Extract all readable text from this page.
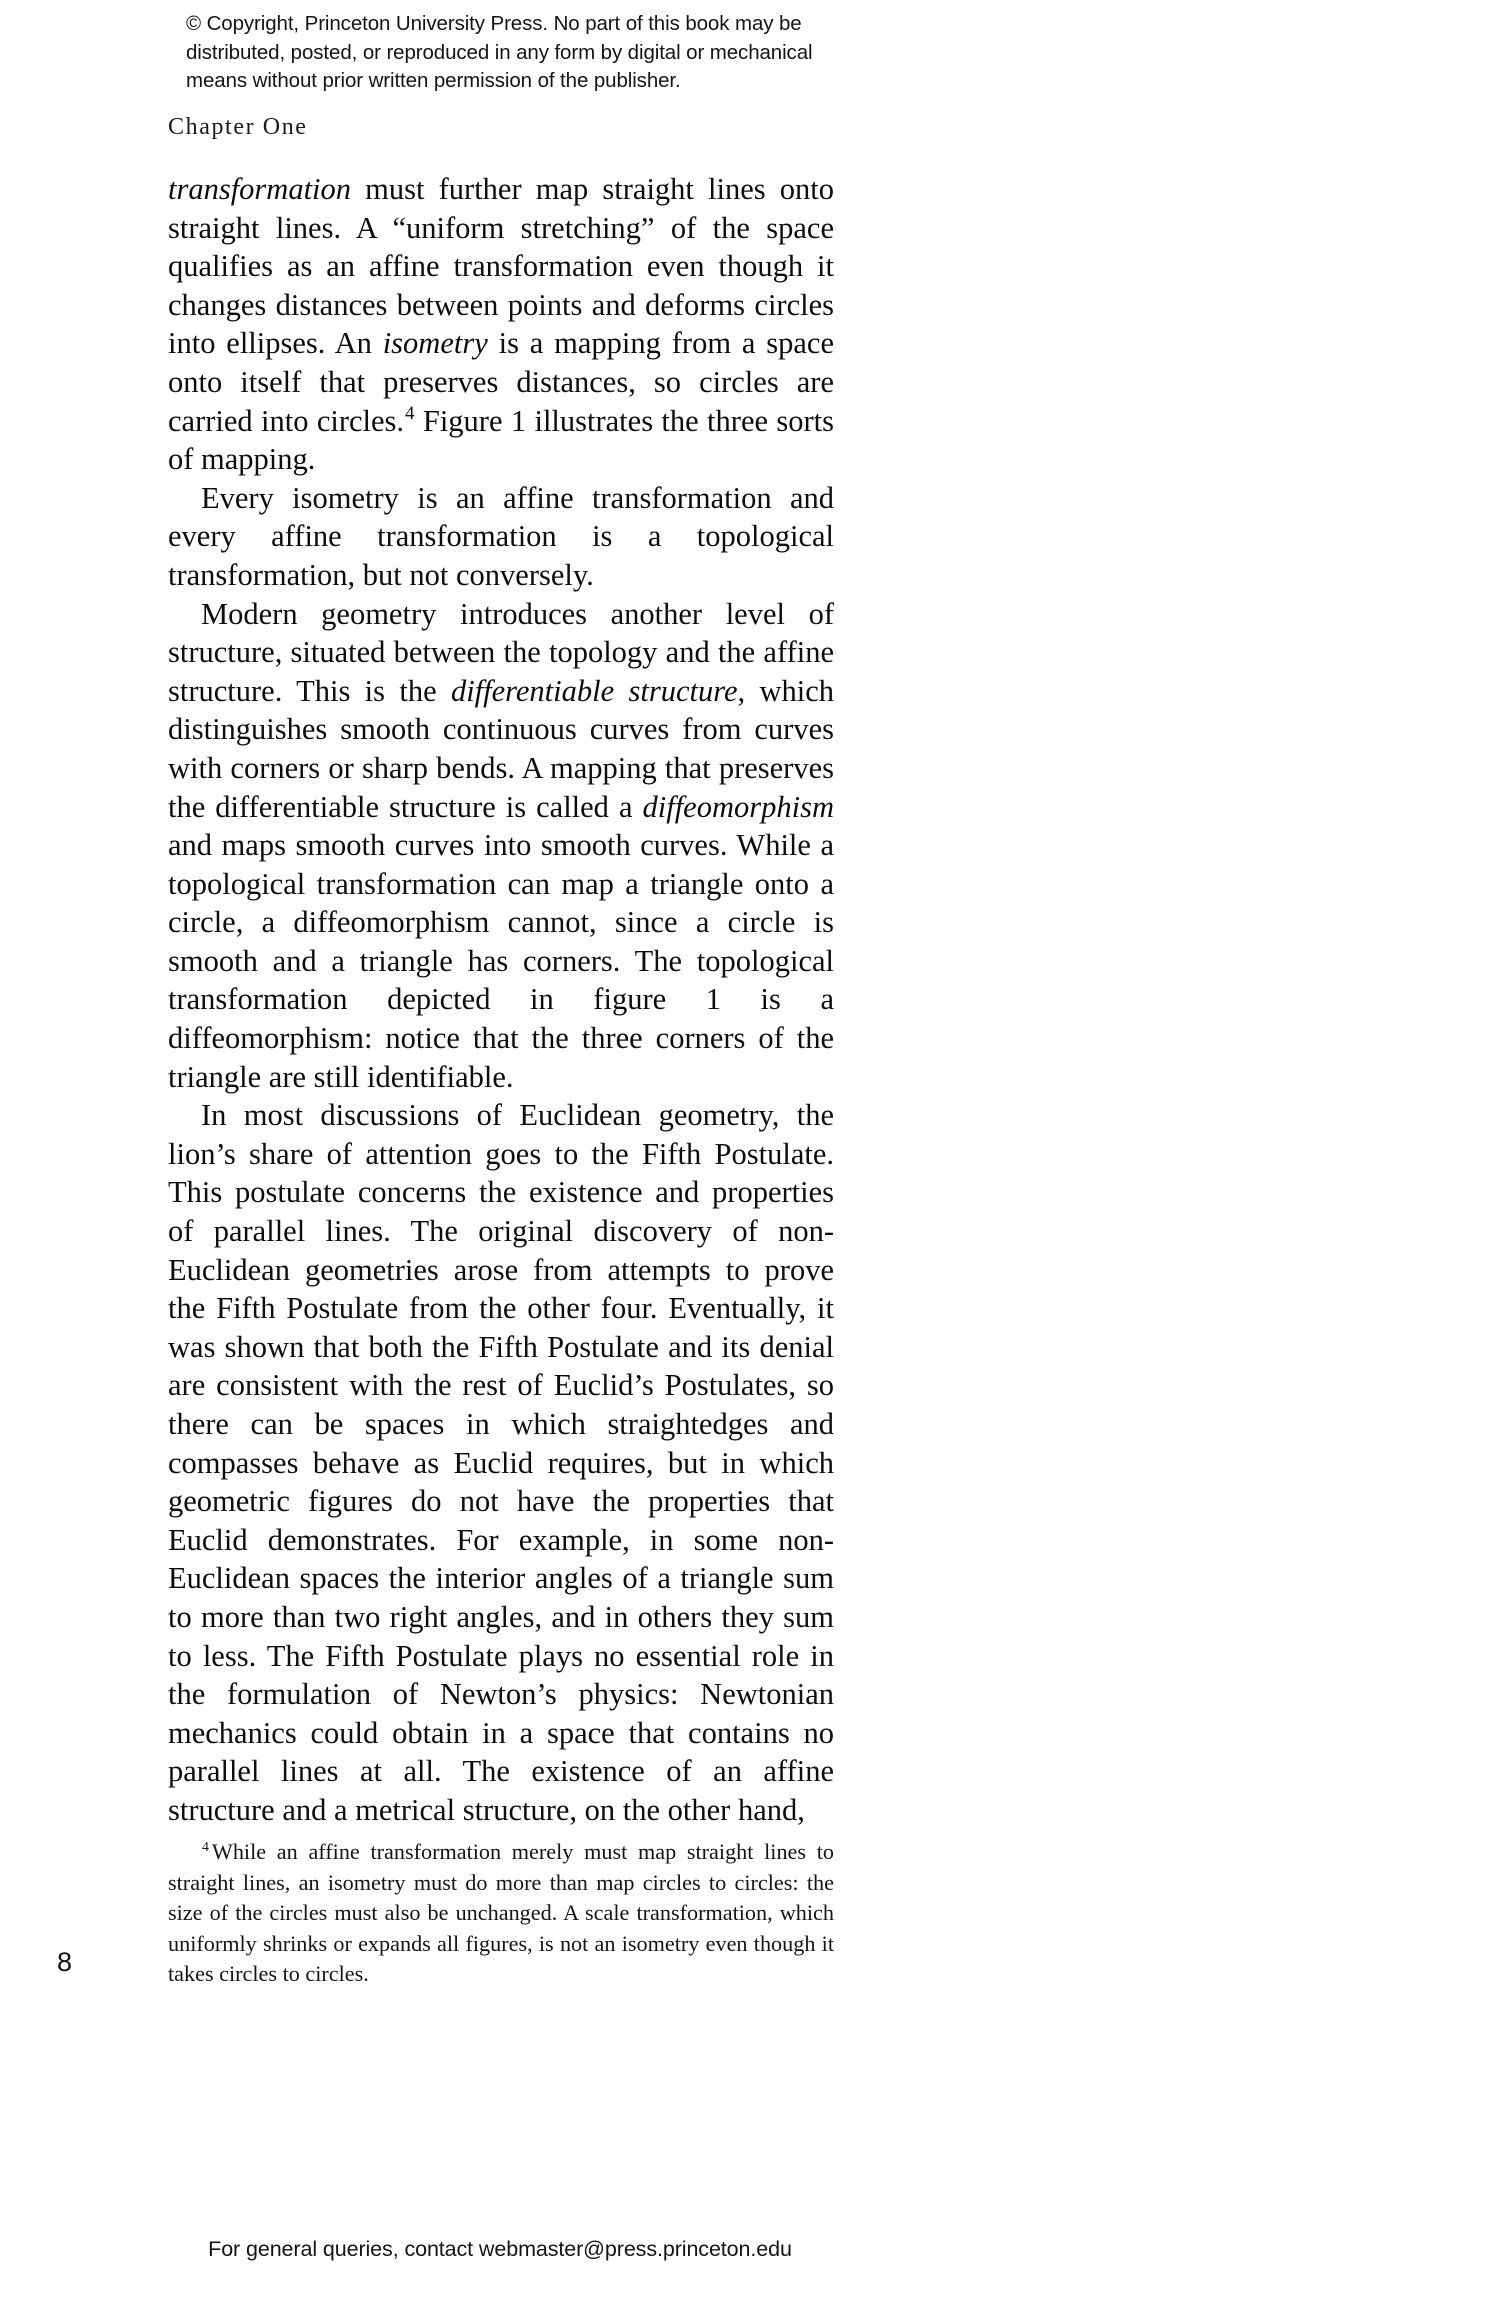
© Copyright, Princeton University Press. No part of this book may be distributed, posted, or reproduced in any form by digital or mechanical means without prior written permission of the publisher.
Chapter One

transformation must further map straight lines onto straight lines. A “uniform stretching” of the space qualifies as an affine transformation even though it changes distances between points and deforms circles into ellipses. An isometry is a mapping from a space onto itself that preserves distances, so circles are carried into circles.$^4$ Figure 1 illustrates the three sorts of mapping.

Every isometry is an affine transformation and every affine transformation is a topological transformation, but not conversely.

Modern geometry introduces another level of structure, situated between the topology and the affine structure. This is the differentiable structure, which distinguishes smooth continuous curves from curves with corners or sharp bends. A mapping that preserves the differentiable structure is called a diffeomorphism and maps smooth curves into smooth curves. While a topological transformation can map a triangle onto a circle, a diffeomorphism cannot, since a circle is smooth and a triangle has corners. The topological transformation depicted in figure 1 is a diffeomorphism: notice that the three corners of the triangle are still identifiable.

In most discussions of Euclidean geometry, the lion’s share of attention goes to the Fifth Postulate. This postulate concerns the existence and properties of parallel lines. The original discovery of non-Euclidean geometries arose from attempts to prove the Fifth Postulate from the other four. Eventually, it was shown that both the Fifth Postulate and its denial are consistent with the rest of Euclid’s Postulates, so there can be spaces in which straightedges and compasses behave as Euclid requires, but in which geometric figures do not have the properties that Euclid demonstrates. For example, in some non-Euclidean spaces the interior angles of a triangle sum to more than two right angles, and in others they sum to less. The Fifth Postulate plays no essential role in the formulation of Newton’s physics: Newtonian mechanics could obtain in a space that contains no parallel lines at all. The existence of an affine structure and a metrical structure, on the other hand,

$^4$ While an affine transformation merely must map straight lines to straight lines, an isometry must do more than map circles to circles: the size of the circles must also be unchanged. A scale transformation, which uniformly shrinks or expands all figures, is not an isometry even though it takes circles to circles.
8
For general queries, contact webmaster@press.princeton.edu
